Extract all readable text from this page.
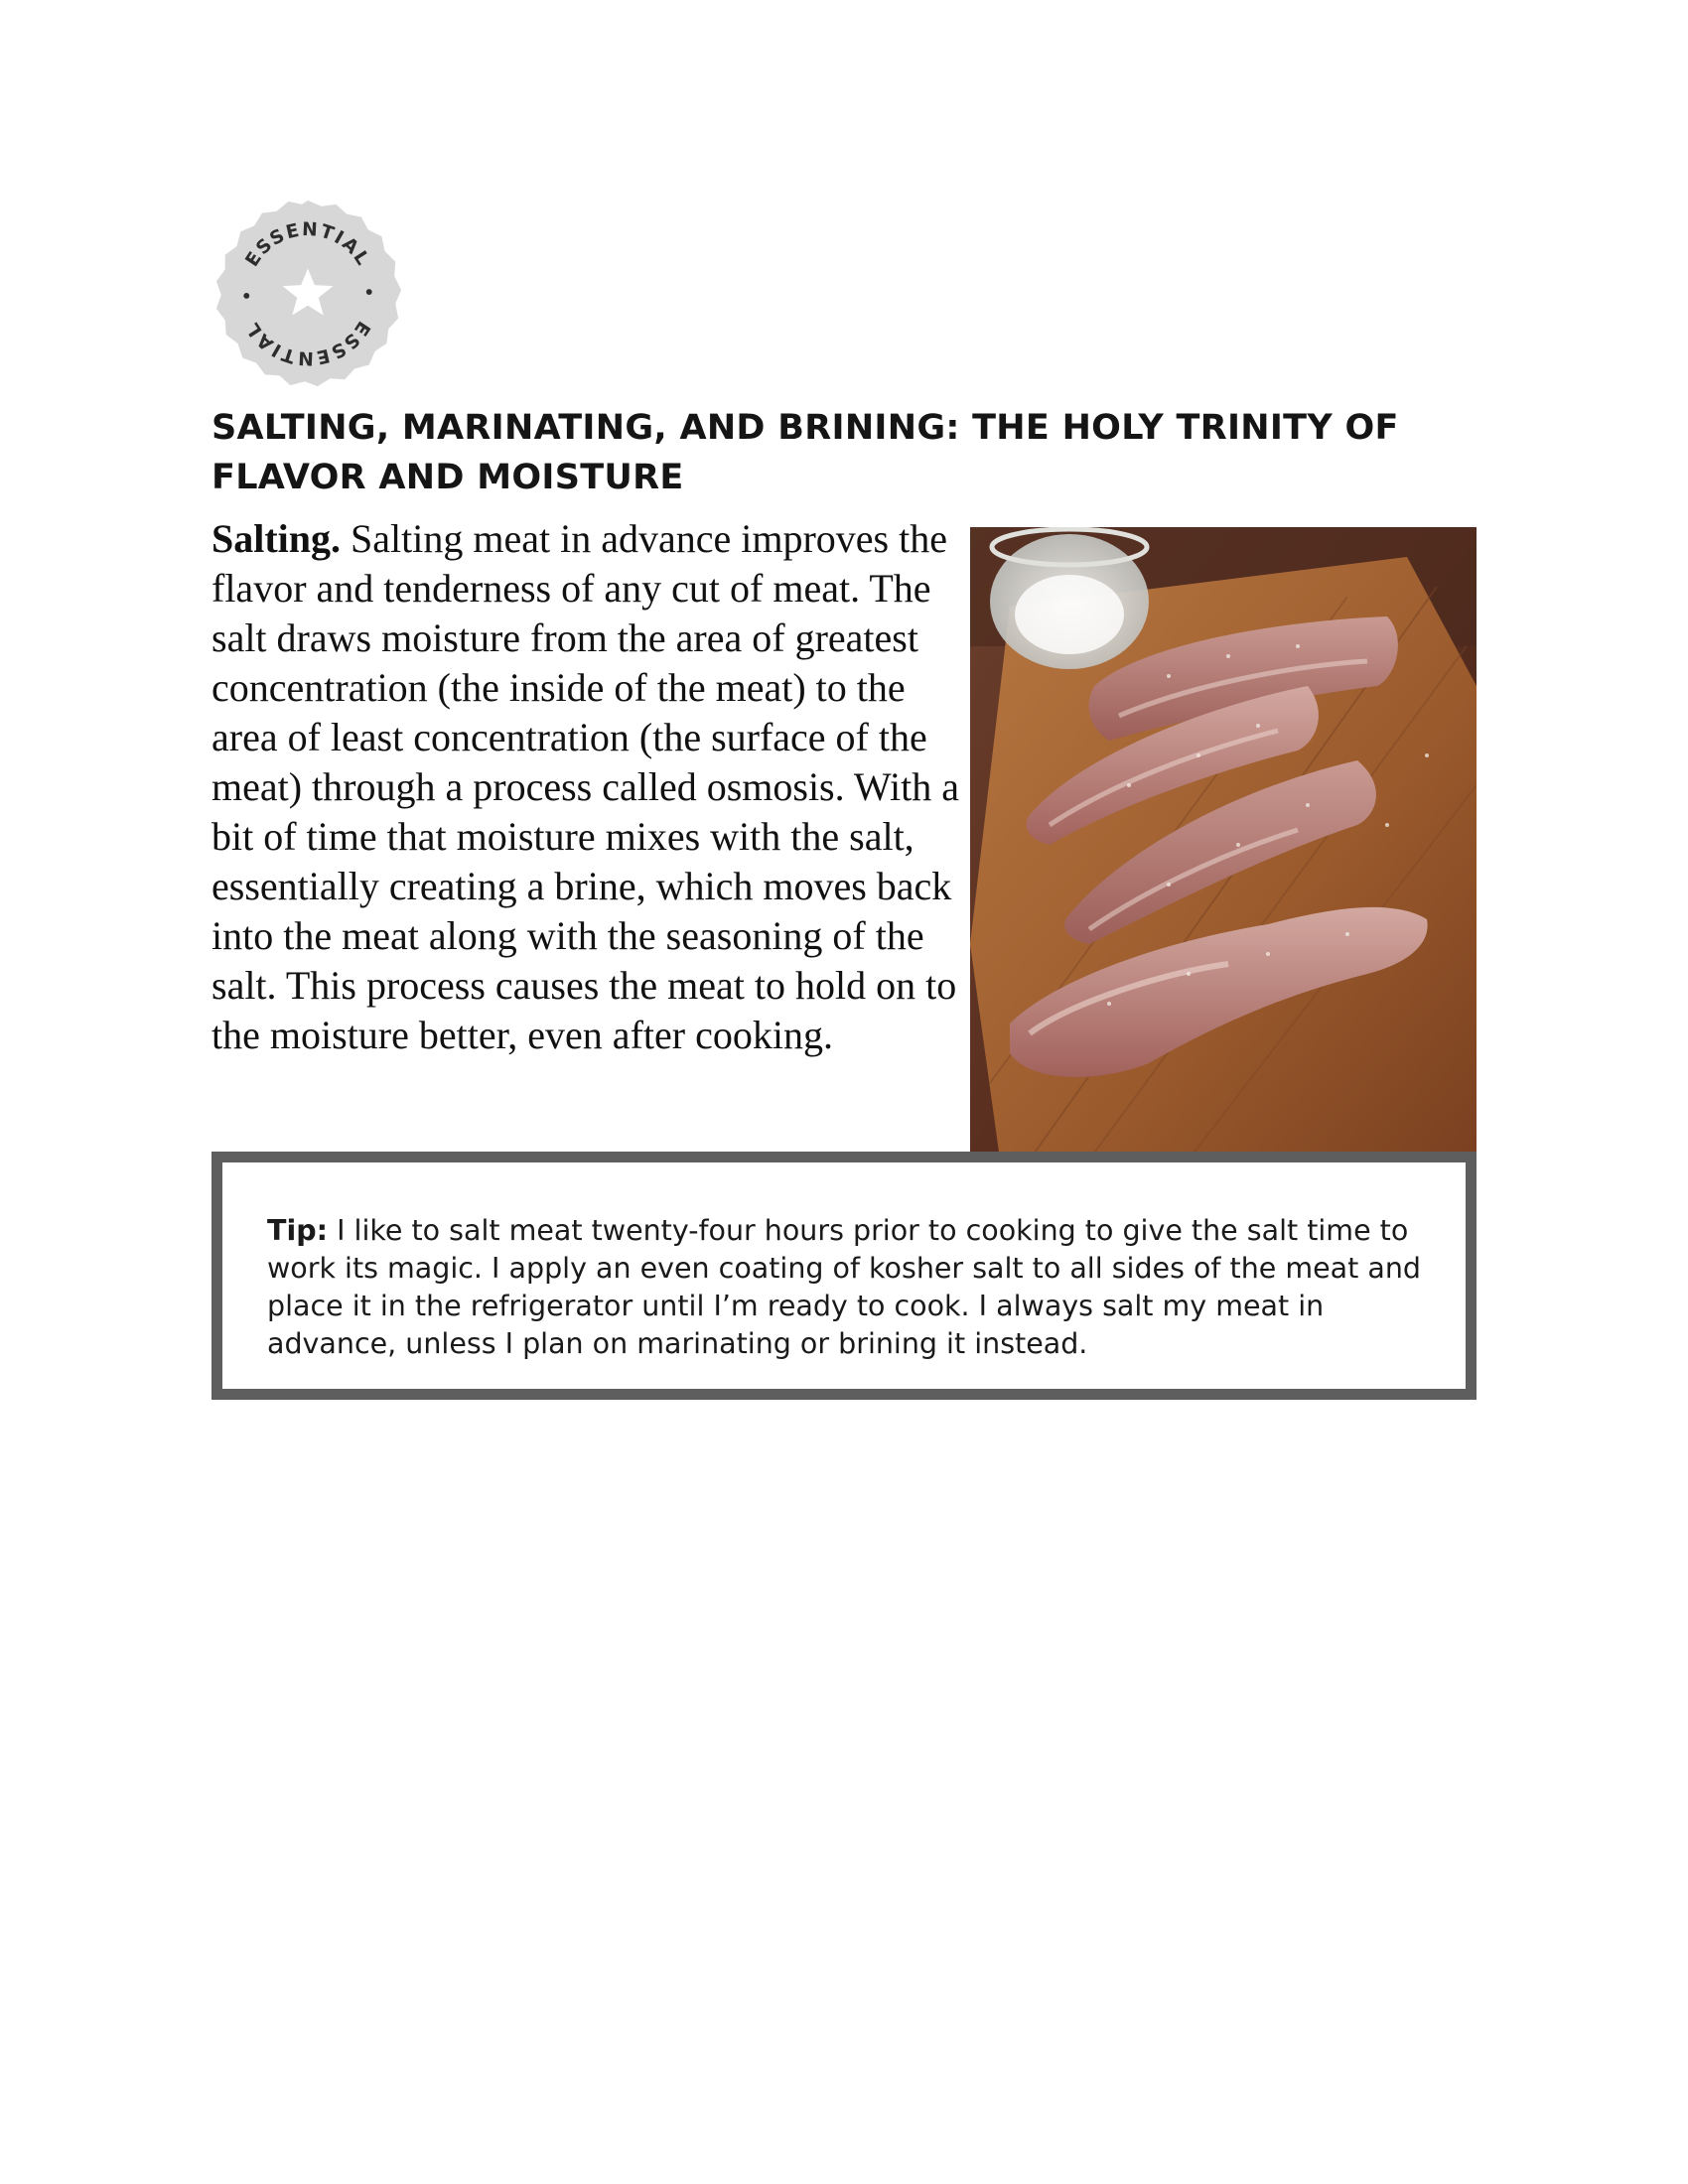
ESSENTIAL
ESSENTIAL
SALTING, MARINATING, AND BRINING: THE HOLY TRINITY OF FLAVOR AND MOISTURE

Salting. Salting meat in advance improves the flavor and tenderness of any cut of meat. The salt draws moisture from the area of greatest concentration (the inside of the meat) to the area of least concentration (the surface of the meat) through a process called osmosis. With a bit of time that moisture mixes with the salt, essentially creating a brine, which moves back into the meat along with the seasoning of the salt. This process causes the meat to hold on to the moisture better, even after cooking.

Tip: I like to salt meat twenty-four hours prior to cooking to give the salt time to work its magic. I apply an even coating of kosher salt to all sides of the meat and place it in the refrigerator until I’m ready to cook. I always salt my meat in advance, unless I plan on marinating or brining it instead.
